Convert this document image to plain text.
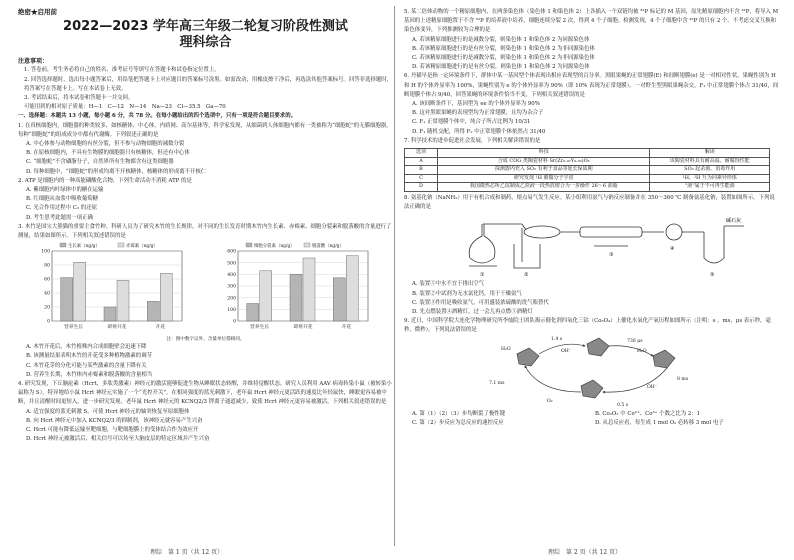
绝密★启用前

2022—2023 学年高三年级二轮复习阶段性测试

理科综合

注意事项：

1. 答卷前，考生务必将自己的姓名、准考证号等填写在答题卡和试卷指定位置上。

2. 回答选择题时，选出每小题答案后，用铅笔把答题卡上对应题目的答案标号涂黑。如需改动，用橡皮擦干净后，再选涂其他答案标号。回答非选择题时，将答案写在答题卡上。写在本试卷上无效。

3. 考试结束后，将本试卷和答题卡一并交回。

可能用到的相对原子质量：H—1　C—12　N—14　Na—23　Cl—35.5　Ga—70

一、选择题：本题共 13 小题，每小题 6 分，共 78 分。在每小题给出的四个选项中，只有一项是符合题目要求的。

1. 在真核细胞内，细胞器的种类较多，如核糖体、中心体、内质网、高尔基体等。科学家发现，从细菌到人体细胞内都有一类被称为“细胞蛇”的无膜细胞器，每种“细胞蛇”的组成成分中都有代谢酶。下列叙述正确的是

A. 中心体参与动物细胞的有丝分裂，但不参与动物细胞的减数分裂

B. 在原核细胞内，不具有生物膜的细胞器只有核糖体，但还有中心体

C. “细胞蛇”不含磷脂分子，自然界所有生物都含有这类细胞器

D. 每种细胞中，“细胞蛇”的形成均离不开核糖体，核糖体的形成离不开核仁

2. ATP 是细胞内的一种高能磷酸化合物，下列生命活动不消耗 ATP 的是

A. 紫细胞内叶绿体中的糖在运输

B. 红细胞从血浆中吸收葡萄糖

C. 光合作用过程中 C₃ 的还原

D. 考生思考此题需一项正确

3. 木竹是国宝大熊猫的重要主食竹种。科研人员为了研究木竹的生长规律，对不同的生长发育时期木竹内生长素、赤霉素、细胞分裂素和脱落酸的含量进行了测量，结果如图所示。下列相关叙述错误的是

0
20
40
60
80
100
生长素（ng/g）	赤霉素（ng/g）
营养生长	即将开花	开花
0
100
200
300
400
500
600
细胞分裂素（ng/g）	脱落酸（ng/g）
营养生长	即将开花	开花

注：图中数字以外，含量单位都相同。

A. 木竹开花后，木竹植株内合成细胞壁会迅速下降

B. 该测量结果表明木竹的开花受多种植物激素的调节

C. 木竹花芽的分化可能与某些激素的含量下降有关

D. 营养生长期，木竹体内赤霉素和脱落酸的含量相当

4. 研究发现，下丘脑泌素（Hcrt，多肽类激素）神经元的激活能够促进生物从睡眠状态转醒，并维持觉醒状态。研究人员利用 AAV 病毒转染小鼠（被转染小鼠称为 S），特异地给小鼠 Hcrt 神经元实施了一个“光控开关”，在相同强度的蓝光刺激下，老年鼠 Hcrt 神经元更活跃的速度比年轻鼠快，睡眠更容易被中断，并且清醒时间更短入。进一步研究发现，老年鼠 Hcrt 神经元的 KCNQ2/3 钾离子通道减少，致使 Hcrt 神经元更容易被激活。下列相关叙述错误的是

A. 适宜强度的蓝光刺激 S，可使 Hcrt 神经元的轴突恢复至原细胞体

B. 向 Hcrt 神经元中加入 KCNQ2/3 的抑制剂，该神经元就容易产生兴奋

C. Hcrt 可能有降低运输至靶细胞，与靶细胞膜上的受体结合作为效应开

D. Hcrt 神经元被激活后，相关信号可以传至大脑皮层的特定区域并产生兴奋

5. 某二倍体动物的一个精原细胞内，在两条染色体（染色体 1 和染色体 2）上各插入一个双链均被 ³²P 标记的 M 基因，原先精原细胞内不含 ³²P，将导入 M 基因的上述精原细胞置于不含 ³²P 的培养液中培养，细胞连续分裂 2 次，得到 4 个子细胞。检测发现，4 个子细胞中含 ³²P 的只有 2 个。不考虑交叉互换和染色体变异，下列推测较为合理的是

A. 若该精原细胞进行的是减数分裂，则染色体 1 和染色体 2 为同源染色体

B. 若该精原细胞进行的是有丝分裂，则染色体 1 和染色体 2 为非同源染色体

C. 若该精原细胞进行的是减数分裂，则染色体 1 和染色体 2 为非同源染色体

D. 若该精原细胞进行的是有丝分裂，则染色体 1 和染色体 2 为同源染色体

6. 丹猫早是指一定环境条件下，群体中某一基因型个体表现出相应表现型的百分率。黑眼果蝇的正常翅膜(E) 和间断翅膜(e) 是一对相对性状，果蝇性别为 H 和 H 的个体外显率为 100%，果蝇性别为 e 的个体外显率为 90%（即 10% 表现为正常翅膜）。一对野生型黑眼果蝇杂交，F₁ 中正常翅膜个体占 31/40，间断翅膜个体占 9/40。回答果蝇的环境条件恰当不变，下列相关叙述错误的是

A. 该间断条件下，基因型为 ee 的个体外显率为 90%

B. 这对黑眼果蝇的表现型均为正常翅膜，且均为杂合子

C. F₁ 正常翅膜个体中，纯合子所占比例为 10/31

D. F₁ 随机交配，所得 F₂ 中正常翅膜个体依然占 31/40

7. 科学技术的进步促进社会发展，下列相关解读错误的是

选项	科技	解读
A	合成 COG 类陶瓷材料 Sr(Zr₀.₉₇Y₀.₀₃)O₃	该陶瓷材料具有耐高温、耐腐蚀性能
B	探测器内充入 SO₂ 有利于食品等延长保质期	SO₂ 起杀菌、消毒作用
C	研究发现 ¹H 被做分子宇宙	¹H、²H 互为同素异形体
D	我国微热芯所乙烷制成乙炔液一段热放熔合为一步操作 26～6 油脂	“液”属于不可再生能源

8. 氨基化钠（NaNH₂）用于有机合成和制药，熔点易气发生反应。某小组利用氨气与钠反应制备并在 350～360 ℃ 制备氨基化钠，装置如图所示。下列说法正确的是

①	②
③
④
⑤
碱石灰

A. 装置⑤中水不宜于排出空气

B. 装置②中试剂为无水氯化钙，用于干燥氨气

C. 装置③作用是吸收氨气，可用盛装浓硫酸的洗气瓶替代

D. 先点燃装置④酒精灯，过一会儿再点燃⑤酒精灯

9. 近日，中国科学院大连化学物理研究所李灿院士团队揭示催化剂四氧化三钴（Co₃O₄）上催化水氧化产氧历程如图所示（注明：s ，ms，μs 表示秒，毫秒，微秒）。下列说法错误的是

736 μs
8 ms
0.5 s
7.1 ms
1.4 s
OH⁻	H₂O
OH⁻
O₂
H₂O

A. 第（1）（2）（3）步均断裂了极性键	B. Co₂O₃ 中 Co²⁺、Co³⁺ 个数之比为 2：1

C. 第（2）步反应为总反应的速控反应	D. 从总反应看，每生成 1 mol O₂ 必转移 3 mol 电子

理综　第 1 页（共 12 页）	理综　第 2 页（共 12 页）
